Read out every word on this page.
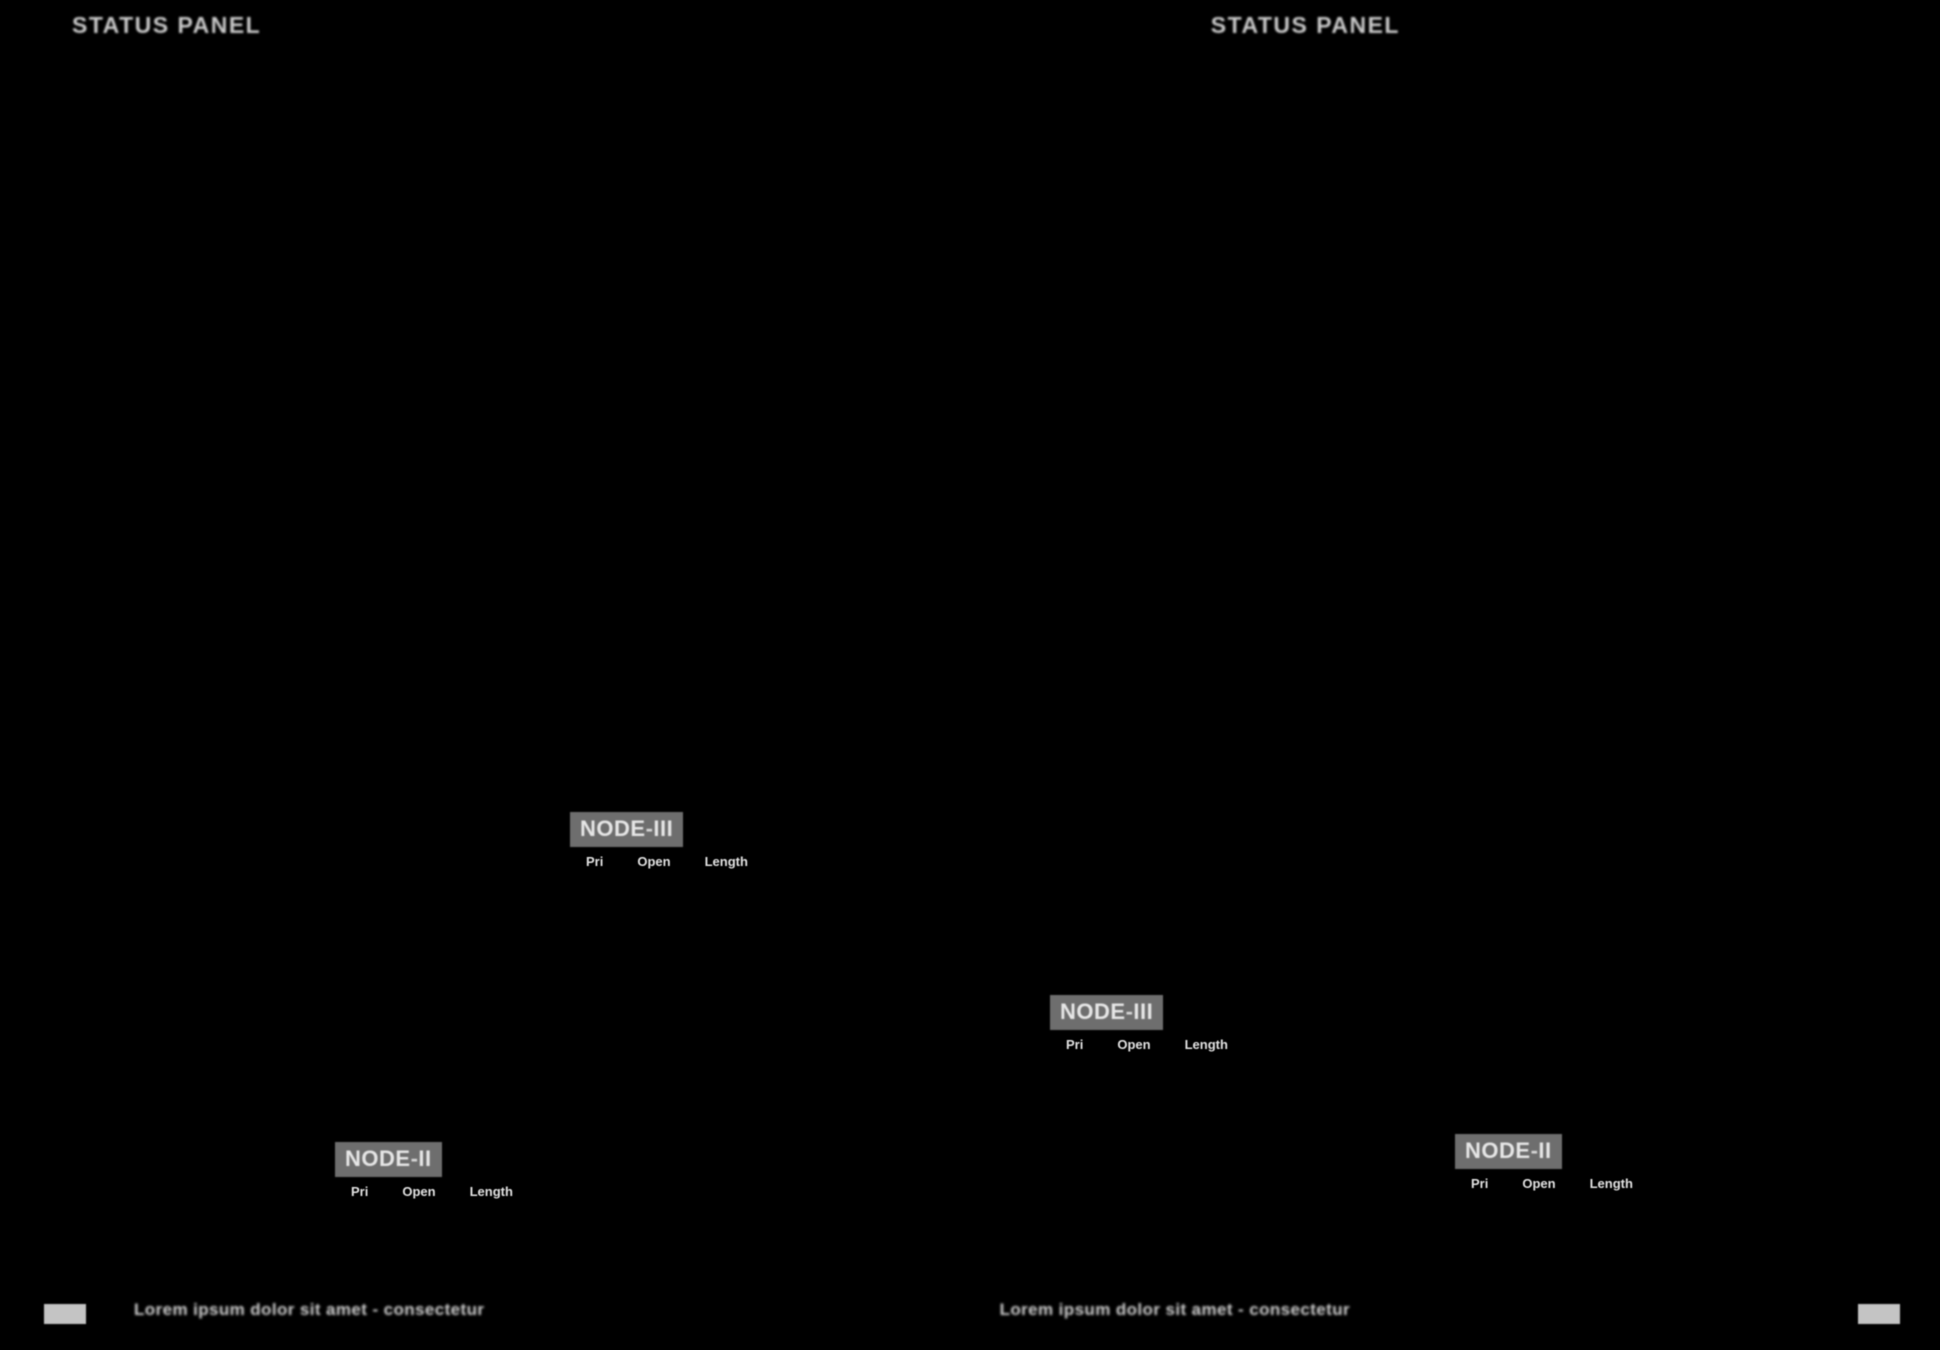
STATUS PANEL	STATUS PANEL
NODE-III
Pri	Open	Length
NODE-III
Pri	Open	Length
NODE-II
Pri	Open	Length
NODE-II
Pri	Open	Length
Lorem ipsum dolor sit amet - consectetur	Lorem ipsum dolor sit amet - consectetur
